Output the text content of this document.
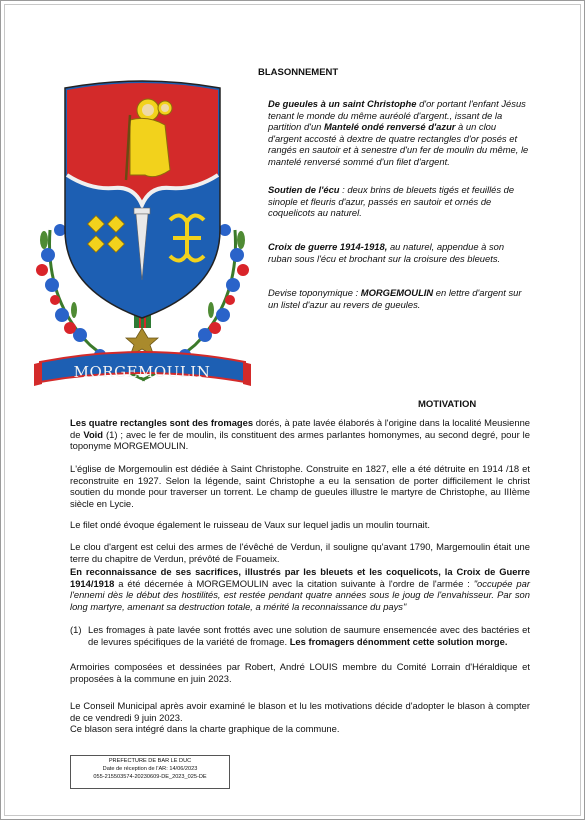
BLASONNEMENT
MORGEMOULIN
De gueules à un saint Christophe d'or portant l'enfant Jésus tenant le monde du même auréolé d'argent., issant de la partition d'un Mantelé ondé renversé d'azur à un clou d'argent accosté à dextre de quatre rectangles d'or posés et rangés en sautoir et à senestre d'un fer de moulin du même, le mantelé renversé sommé d'un filet d'argent.
Soutien de l'écu : deux brins de bleuets tigés et feuillés de sinople et fleuris d'azur, passés en sautoir et ornés de coquelicots au naturel.
Croix de guerre 1914-1918, au naturel, appendue à son ruban sous l'écu et brochant sur la croisure des bleuets.
Devise toponymique : MORGEMOULIN en lettre d'argent sur un listel d'azur au revers de gueules.
MOTIVATION
Les quatre rectangles sont des fromages dorés, à pate lavée élaborés à l'origine dans la localité Meusienne de Void (1) ; avec le fer de moulin, ils constituent des armes parlantes homonymes, au second degré, pour le toponyme MORGEMOULIN.
L'église de Morgemoulin est dédiée à Saint Christophe. Construite en 1827, elle a été détruite en 1914 /18 et reconstruite en 1927. Selon la légende, saint Christophe a eu la sensation de porter difficilement le christ soutien du monde pour traverser un torrent. Le champ de gueules illustre le martyre de Christophe, au IIIème siècle en Lycie.
Le filet ondé évoque également le ruisseau de Vaux sur lequel jadis un moulin tournait.
Le clou d'argent est celui des armes de l'évêché de Verdun, il souligne qu'avant 1790, Margemoulin était une terre du chapitre de Verdun, prévôté de Fouameix.
En reconnaissance de ses sacrifices, illustrés par les bleuets et les coquelicots, la Croix de Guerre 1914/1918 a été décernée à MORGEMOULIN avec la citation suivante à l'ordre de l'armée : "occupée par l'ennemi dès le début des hostilités, est restée pendant quatre années sous le joug de l'envahisseur. Par son long martyre, amenant sa destruction totale, a mérité la reconnaissance du pays"
(1) Les fromages à pate lavée sont frottés avec une solution de saumure ensemencée avec des bactéries et de levures spécifiques de la variété de fromage. Les fromagers dénomment cette solution morge.
Armoiries composées et dessinées par Robert, André LOUIS membre du Comité Lorrain d'Héraldique et proposées à la commune en juin 2023.
Le Conseil Municipal après avoir examiné le blason et lu les motivations décide d'adopter le blason à compter de ce vendredi 9 juin 2023.
Ce blason sera intégré dans la charte graphique de la commune.
PREFECTURE DE BAR LE DUC
Date de réception de l'AR: 14/06/2023
055-215503574-20230609-DE_2023_025-DE
